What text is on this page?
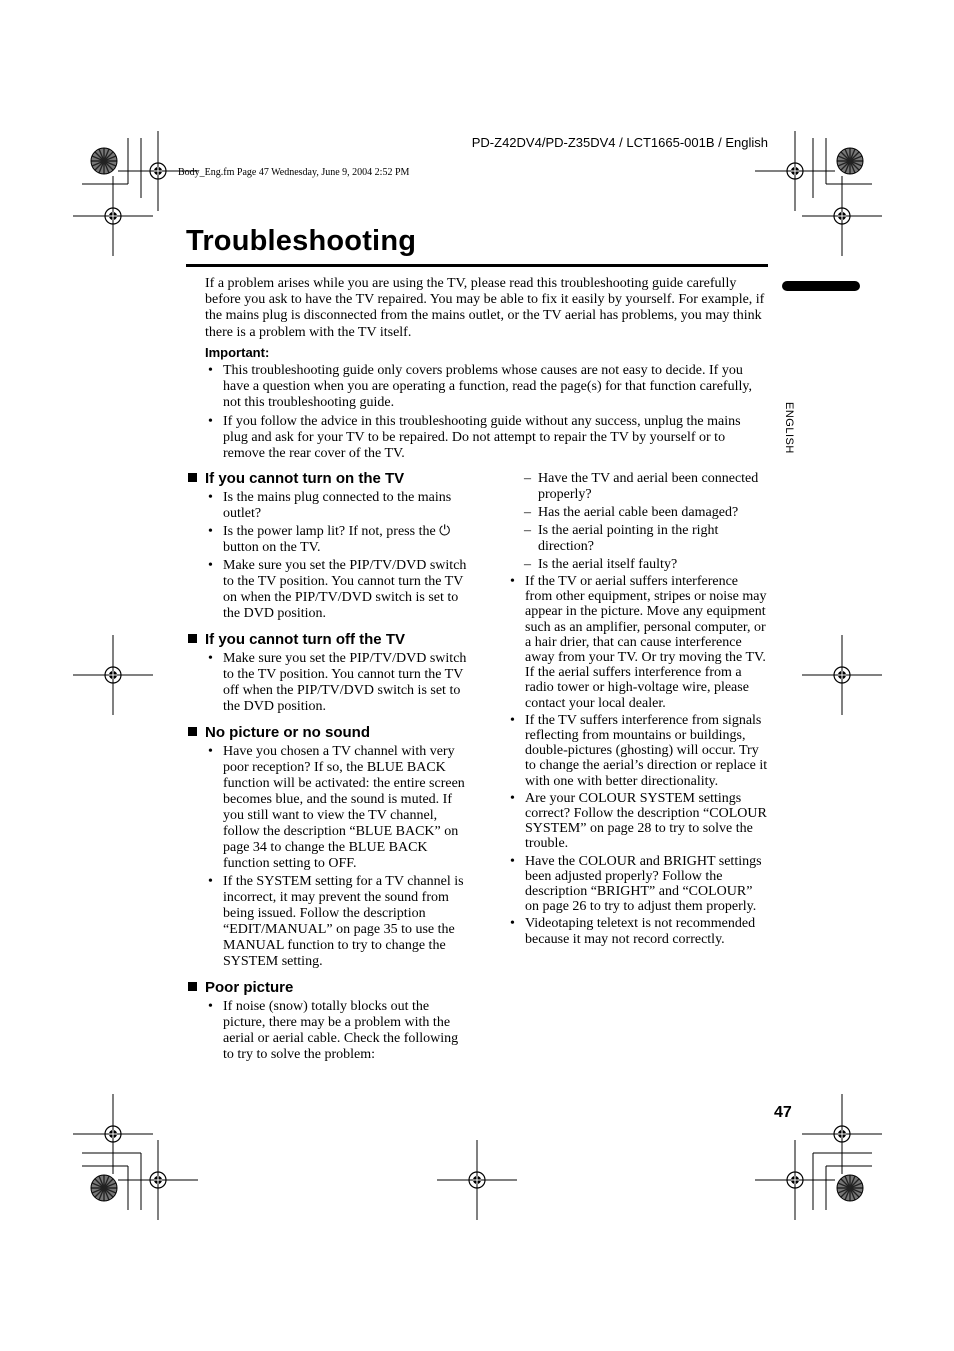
PD-Z42DV4/PD-Z35DV4 / LCT1665-001B / English
Body_Eng.fm Page 47 Wednesday, June 9, 2004 2:52 PM
Troubleshooting
ENGLISH

If a problem arises while you are using the TV, please read this troubleshooting guide carefully before you ask to have the TV repaired. You may be able to fix it easily by yourself. For example, if the mains plug is disconnected from the mains outlet, or the TV aerial has problems, you may think there is a problem with the TV itself.

Important:
• This troubleshooting guide only covers problems whose causes are not easy to decide. If you have a question when you are operating a function, read the page(s) for that function carefully, not this troubleshooting guide.
• If you follow the advice in this troubleshooting guide without any success, unplug the mains plug and ask for your TV to be repaired. Do not attempt to repair the TV by yourself or to remove the rear cover of the TV.
If you cannot turn on the TV
• Is the mains plug connected to the mains outlet?
• Is the power lamp lit? If not, press the ⏻ button on the TV.
• Make sure you set the PIP/TV/DVD switch to the TV position. You cannot turn the TV on when the PIP/TV/DVD switch is set to the DVD position.
If you cannot turn off the TV
• Make sure you set the PIP/TV/DVD switch to the TV position. You cannot turn the TV off when the PIP/TV/DVD switch is set to the DVD position.
No picture or no sound
• Have you chosen a TV channel with very poor reception? If so, the BLUE BACK function will be activated: the entire screen becomes blue, and the sound is muted. If you still want to view the TV channel, follow the description “BLUE BACK” on page 34 to change the BLUE BACK function setting to OFF.
• If the SYSTEM setting for a TV channel is incorrect, it may prevent the sound from being issued. Follow the description “EDIT/MANUAL” on page 35 to use the MANUAL function to try to change the SYSTEM setting.
Poor picture
• If noise (snow) totally blocks out the picture, there may be a problem with the aerial or aerial cable. Check the following to try to solve the problem:
– Have the TV and aerial been connected properly?
– Has the aerial cable been damaged?
– Is the aerial pointing in the right direction?
– Is the aerial itself faulty?
• If the TV or aerial suffers interference from other equipment, stripes or noise may appear in the picture. Move any equipment such as an amplifier, personal computer, or a hair drier, that can cause interference away from your TV. Or try moving the TV. If the aerial suffers interference from a radio tower or high-voltage wire, please contact your local dealer.
• If the TV suffers interference from signals reflecting from mountains or buildings, double-pictures (ghosting) will occur. Try to change the aerial’s direction or replace it with one with better directionality.
• Are your COLOUR SYSTEM settings correct? Follow the description “COLOUR SYSTEM” on page 28 to try to solve the trouble.
• Have the COLOUR and BRIGHT settings been adjusted properly? Follow the description “BRIGHT” and “COLOUR” on page 26 to try to adjust them properly.
• Videotaping teletext is not recommended because it may not record correctly.
47
